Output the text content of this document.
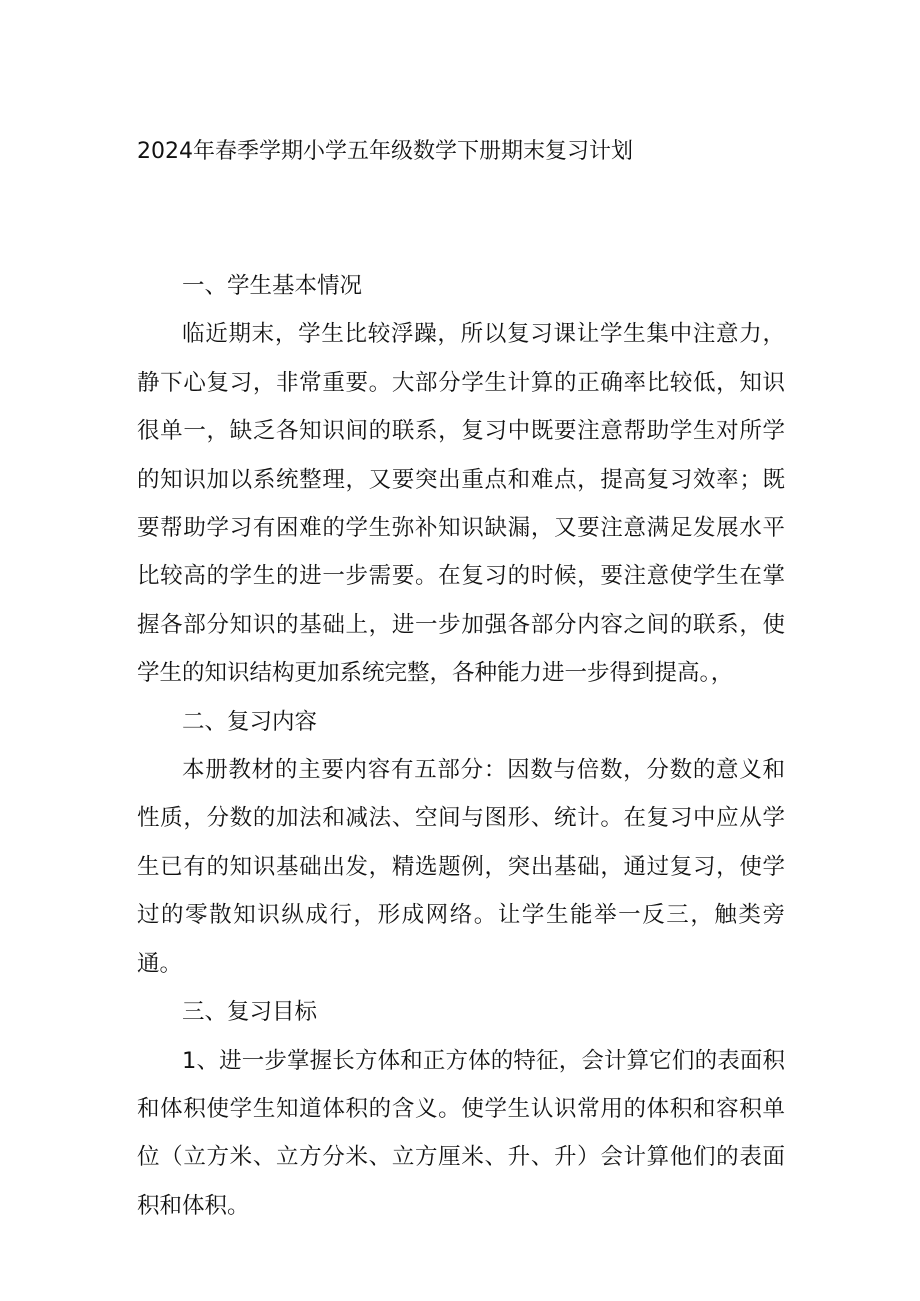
2024年春季学期小学五年级数学下册期末复习计划
一、学生基本情况

临近期末，学生比较浮躁，所以复习课让学生集中注意力，静下心复习，非常重要。大部分学生计算的正确率比较低，知识很单一，缺乏各知识间的联系，复习中既要注意帮助学生对所学的知识加以系统整理，又要突出重点和难点，提高复习效率；既要帮助学习有困难的学生弥补知识缺漏，又要注意满足发展水平比较高的学生的进一步需要。在复习的时候，要注意使学生在掌握各部分知识的基础上，进一步加强各部分内容之间的联系，使学生的知识结构更加系统完整，各种能力进一步得到提高。，

二、复习内容

本册教材的主要内容有五部分：因数与倍数，分数的意义和性质，分数的加法和减法、空间与图形、统计。在复习中应从学生已有的知识基础出发，精选题例，突出基础，通过复习，使学过的零散知识纵成行，形成网络。让学生能举一反三，触类旁通。

三、复习目标

1、进一步掌握长方体和正方体的特征，会计算它们的表面积和体积使学生知道体积的含义。使学生认识常用的体积和容积单位（立方米、立方分米、立方厘米、升、升）会计算他们的表面积和体积。
